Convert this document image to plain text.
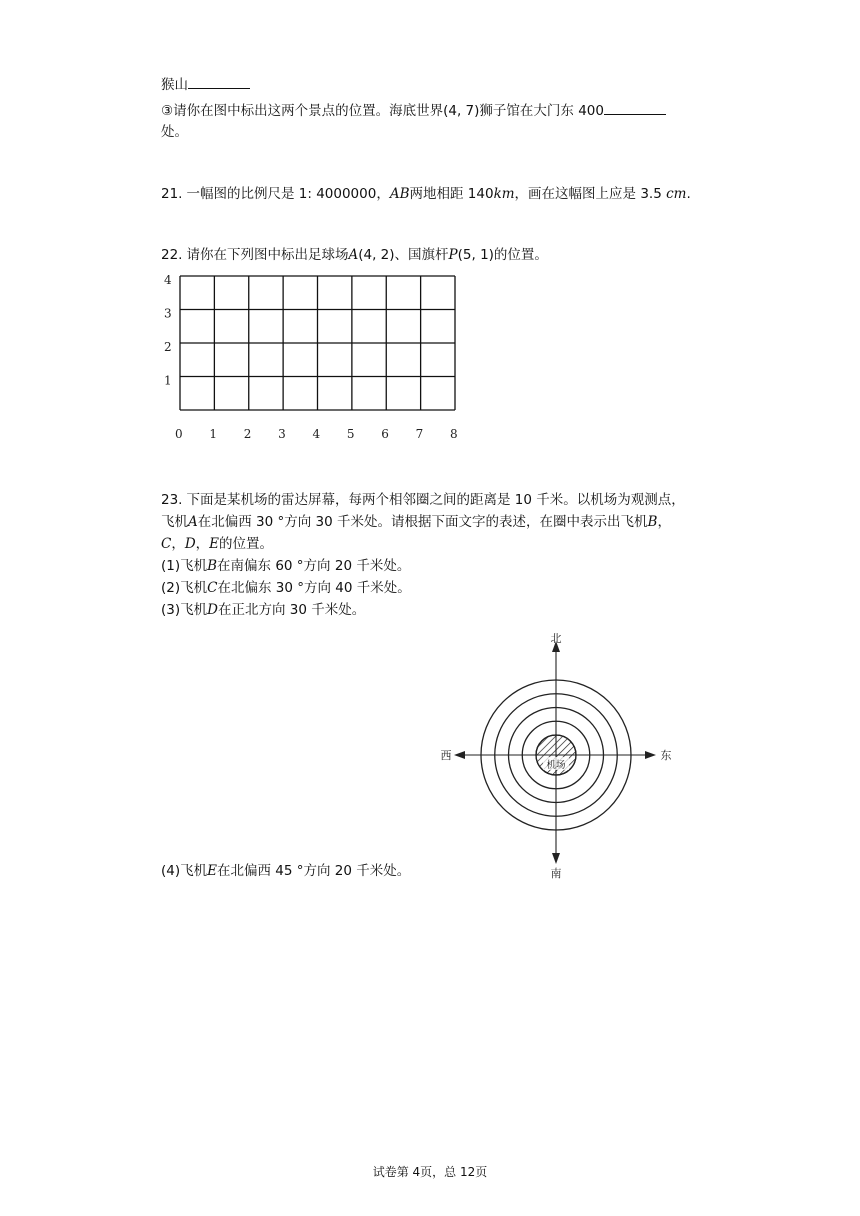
猴山
③请你在图中标出这两个景点的位置。海底世界(4, 7)狮子馆在大门东 400
处。
21. 一幅图的比例尺是 1: 4000000，AB两地相距 140km，画在这幅图上应是 3.5 cm.
22. 请你在下列图中标出足球场A(4, 2)、国旗杆P(5, 1)的位置。
4
3
2
1
0 1 2 3 4 5 6 7 8
23. 下面是某机场的雷达屏幕，每两个相邻圈之间的距离是 10 千米。以机场为观测点，
飞机A在北偏西 30 °方向 30 千米处。请根据下面文字的表述，在圈中表示出飞机B，
C，D，E的位置。
(1)飞机B在南偏东 60 °方向 20 千米处。
(2)飞机C在北偏东 30 °方向 40 千米处。
(3)飞机D在正北方向 30 千米处。
北
南
东
西
机场
(4)飞机E在北偏西 45 °方向 20 千米处。
试卷第 4页，总 12页
